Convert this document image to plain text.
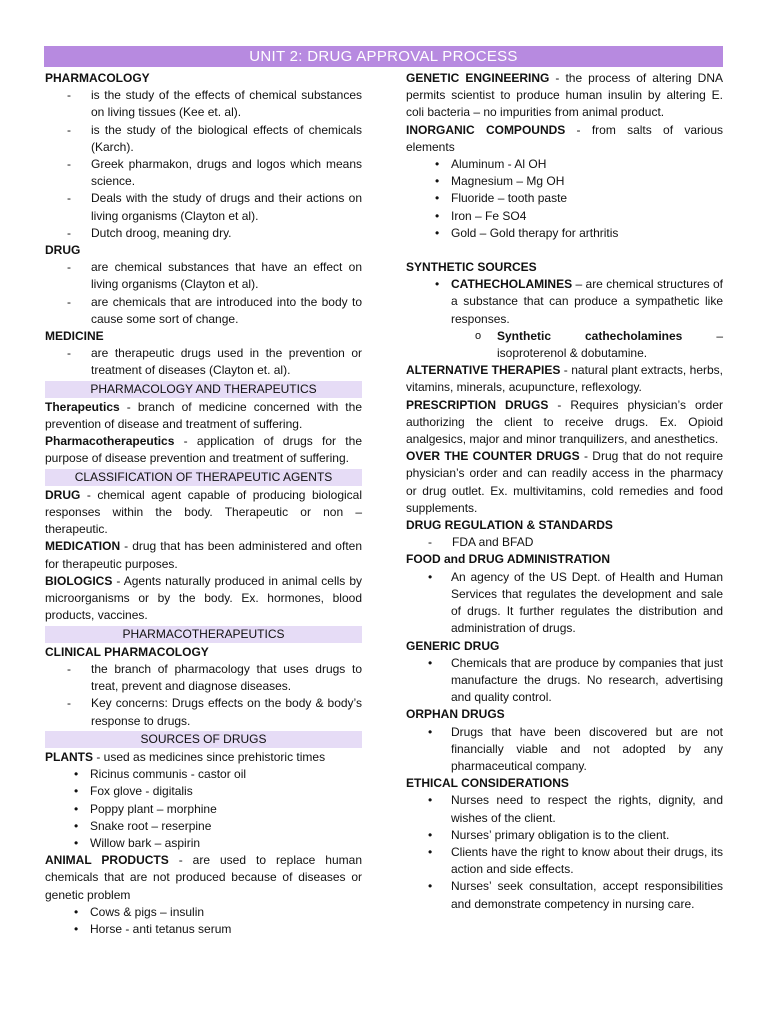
UNIT 2: DRUG APPROVAL PROCESS
PHARMACOLOGY

- is the study of the effects of chemical substances on living tissues (Kee et. al).

- is the study of the biological effects of chemicals (Karch).

- Greek pharmakon, drugs and logos which means science.

- Deals with the study of drugs and their actions on living organisms (Clayton et al).

- Dutch droog, meaning dry.

DRUG

- are chemical substances that have an effect on living organisms (Clayton et al).

- are chemicals that are introduced into the body to cause some sort of change.

MEDICINE

- are therapeutic drugs used in the prevention or treatment of diseases (Clayton et. al).

PHARMACOLOGY AND THERAPEUTICS

Therapeutics - branch of medicine concerned with the prevention of disease and treatment of suffering.

Pharmacotherapeutics - application of drugs for the purpose of disease prevention and treatment of suffering.

CLASSIFICATION OF THERAPEUTIC AGENTS

DRUG - chemical agent capable of producing biological responses within the body. Therapeutic or non – therapeutic.

MEDICATION - drug that has been administered and often for therapeutic purposes.

BIOLOGICS - Agents naturally produced in animal cells by microorganisms or by the body. Ex. hormones, blood products, vaccines.

PHARMACOTHERAPEUTICS
CLINICAL PHARMACOLOGY

- the branch of pharmacology that uses drugs to treat, prevent and diagnose diseases.

- Key concerns: Drugs effects on the body & body’s response to drugs.

SOURCES OF DRUGS

PLANTS - used as medicines since prehistoric times

• Ricinus communis - castor oil

• Fox glove - digitalis

• Poppy plant – morphine

• Snake root – reserpine

• Willow bark – aspirin

ANIMAL PRODUCTS - are used to replace human chemicals that are not produced because of diseases or genetic problem

• Cows & pigs – insulin

• Horse - anti tetanus serum

GENETIC ENGINEERING - the process of altering DNA permits scientist to produce human insulin by altering E. coli bacteria – no impurities from animal product.

INORGANIC COMPOUNDS - from salts of various elements

• Aluminum - Al OH

• Magnesium – Mg OH

• Fluoride – tooth paste

• Iron – Fe SO4

• Gold – Gold therapy for arthritis

SYNTHETIC SOURCES

• CATHECHOLAMINES – are chemical structures of a substance that can produce a sympathetic like responses.

o Synthetic cathecholamines – isoproterenol & dobutamine.

ALTERNATIVE THERAPIES - natural plant extracts, herbs, vitamins, minerals, acupuncture, reflexology.

PRESCRIPTION DRUGS - Requires physician’s order authorizing the client to receive drugs. Ex. Opioid analgesics, major and minor tranquilizers, and anesthetics.

OVER THE COUNTER DRUGS - Drug that do not require physician’s order and can readily access in the pharmacy or drug outlet. Ex. multivitamins, cold remedies and food supplements.

DRUG REGULATION & STANDARDS

- FDA and BFAD

FOOD and DRUG ADMINISTRATION

• An agency of the US Dept. of Health and Human Services that regulates the development and sale of drugs. It further regulates the distribution and administration of drugs.

GENERIC DRUG

• Chemicals that are produce by companies that just manufacture the drugs. No research, advertising and quality control.

ORPHAN DRUGS

• Drugs that have been discovered but are not financially viable and not adopted by any pharmaceutical company.

ETHICAL CONSIDERATIONS

• Nurses need to respect the rights, dignity, and wishes of the client.

• Nurses’ primary obligation is to the client.

• Clients have the right to know about their drugs, its action and side effects.

• Nurses’ seek consultation, accept responsibilities and demonstrate competency in nursing care.
